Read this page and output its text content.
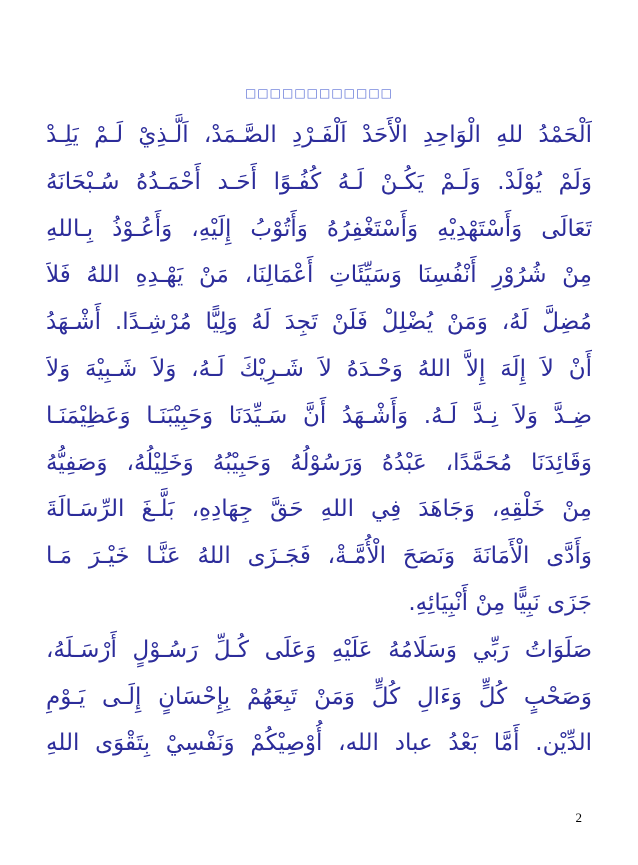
□□□□□□□□□□□□
اَلْحَمْدُ للهِ الْوَاحِدِ الْأَحَدْ اَلْفَـرْدِ الصَّـمَدْ، اَلَّـذِيْ لَـمْ يَلِـدْ
وَلَمْ يُوْلَدْ. وَلَـمْ يَكُـنْ لَـهُ كُفُـوًا أَحَـد أَحْمَـدُهُ سُـبْحَانَهُ
تَعَالَى وَأَسْتَهْدِيْهِ وَأَسْتَغْفِرُهُ وَأَتُوْبُ إِلَيْهِ، وَأَعُـوْذُ بِـاللهِ
مِنْ شُرُوْرِ أَنْفُسِنَا وَسَيِّئَاتِ أَعْمَالِنَا، مَنْ يَهْـدِهِ اللهُ فَلاَ
مُضِلَّ لَهُ، وَمَنْ يُضْلِلْ فَلَنْ تَجِدَ لَهُ وَلِيًّا مُرْشِـدًا. أَشْـهَدُ
أَنْ لاَ إِلَهَ إِلاَّ اللهُ وَحْـدَهُ لاَ شَـرِيْكَ لَـهُ، وَلاَ شَـبِيْهَ وَلاَ
ضِـدَّ وَلاَ نِـدَّ لَـهُ. وَأَشْـهَدُ أَنَّ سَـيِّدَنَا وَحَبِيْبَنَـا وَعَظِيْمَنَـا
وَقَائِدَنَا مُحَمَّدًا، عَبْدُهُ وَرَسُوْلُهُ وَحَبِيْبُهُ وَخَلِيْلُهُ، وَصَفِيُّهُ
مِنْ خَلْقِهِ، وَجَاهَدَ فِي اللهِ حَقَّ جِهَادِهِ، بَلَّـغَ الرِّسَـالَةَ
وَأَدَّى الْأَمَانَةَ وَنَصَحَ الْأُمَّـةْ، فَجَـزَى اللهُ عَنَّـا خَيْـرَ مَـا
جَزَى نَبِيًّا مِنْ أَنْبِيَائِهِ.
صَلَوَاتُ رَبِّي وَسَلَامُهُ عَلَيْهِ وَعَلَى كُـلِّ رَسُـوْلٍ أَرْسَـلَهُ،
وَصَحْبٍ كُلٍّ وَءَالِ كُلٍّ وَمَنْ تَبِعَهُمْ بِإِحْسَانٍ إِلَـى يَـوْمِ
الدِّيْن. أَمَّا بَعْدُ عباد الله، أُوْصِيْكُمْ وَنَفْسِيْ بِتَقْوَى اللهِ
2
